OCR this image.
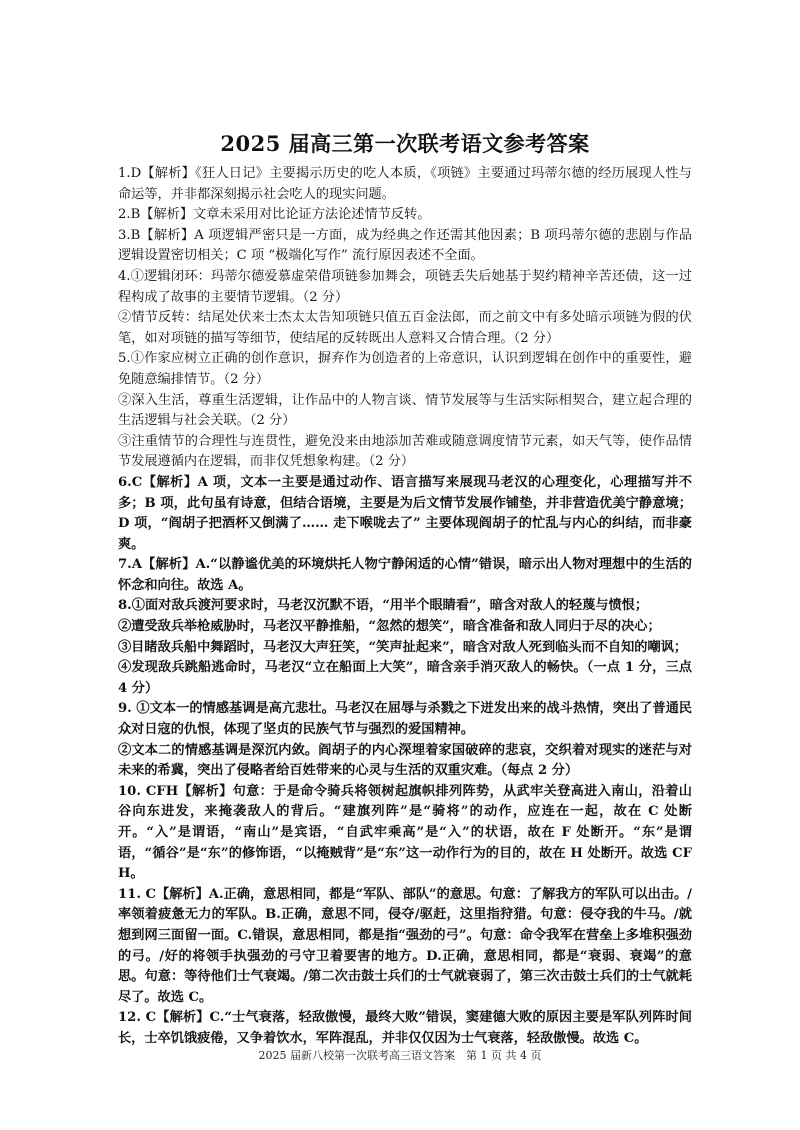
2025 届高三第一次联考语文参考答案

1.D【解析】《狂人日记》主要揭示历史的吃人本质，《项链》主要通过玛蒂尔德的经历展现人性与命运等，并非都深刻揭示社会吃人的现实问题。

2.B【解析】文章未采用对比论证方法论述情节反转。

3.B【解析】A 项逻辑严密只是一方面，成为经典之作还需其他因素；B 项玛蒂尔德的悲剧与作品逻辑设置密切相关；C 项 “极端化写作” 流行原因表述不全面。

4.①逻辑闭环：玛蒂尔德爱慕虚荣借项链参加舞会，项链丢失后她基于契约精神辛苦还债，这一过程构成了故事的主要情节逻辑。（2 分）

②情节反转：结尾处伏来士杰太太告知项链只值五百金法郎，而之前文中有多处暗示项链为假的伏笔，如对项链的描写等细节，使结尾的反转既出人意料又合情合理。（2 分）

5.①作家应树立正确的创作意识，摒弃作为创造者的上帝意识，认识到逻辑在创作中的重要性，避免随意编排情节。（2 分）

②深入生活，尊重生活逻辑，让作品中的人物言谈、情节发展等与生活实际相契合，建立起合理的生活逻辑与社会关联。（2 分）

③注重情节的合理性与连贯性，避免没来由地添加苦难或随意调度情节元素，如天气等，使作品情节发展遵循内在逻辑，而非仅凭想象构建。（2 分）

6.C【解析】A 项，文本一主要是通过动作、语言描写来展现马老汉的心理变化，心理描写并不多；B 项，此句虽有诗意，但结合语境，主要是为后文情节发展作铺垫，并非营造优美宁静意境；D 项，“阎胡子把酒杯又倒满了…… 走下喉咙去了” 主要体现阎胡子的忙乱与内心的纠结，而非豪爽。

7.A【解析】A.“以静谧优美的环境烘托人物宁静闲适的心情”错误，暗示出人物对理想中的生活的怀念和向往。故选 A。

8.①面对敌兵渡河要求时，马老汉沉默不语，“用半个眼睛看”，暗含对敌人的轻蔑与愤恨；

②遭受敌兵举枪威胁时，马老汉平静推船，“忽然的想笑”，暗含准备和敌人同归于尽的决心；

③目睹敌兵船中舞蹈时，马老汉大声狂笑，“笑声扯起来”，暗含对敌人死到临头而不自知的嘲讽；

④发现敌兵跳船逃命时，马老汉“立在船面上大笑”，暗含亲手消灭敌人的畅快。（一点 1 分，三点 4 分）

9. ①文本一的情感基调是高亢悲壮。马老汉在屈辱与杀戮之下迸发出来的战斗热情，突出了普通民众对日寇的仇恨，体现了坚贞的民族气节与强烈的爱国精神。

②文本二的情感基调是深沉内敛。阎胡子的内心深埋着家国破碎的悲哀，交织着对现实的迷茫与对未来的希冀，突出了侵略者给百姓带来的心灵与生活的双重灾难。（每点 2 分）

10. CFH【解析】句意：于是命令骑兵将领树起旗帜排列阵势，从武牢关登高进入南山，沿着山谷向东进发，来掩袭敌人的背后。“建旗列阵”是“骑将”的动作，应连在一起，故在 C 处断开。“入”是谓语，“南山”是宾语，“自武牢乘高”是“入”的状语，故在 F 处断开。“东”是谓语，“循谷”是“东”的修饰语，“以掩贼背”是“东”这一动作行为的目的，故在 H 处断开。故选 CFH。

11. C【解析】A.正确，意思相同，都是“军队、部队”的意思。句意：了解我方的军队可以出击。/率领着疲惫无力的军队。B.正确，意思不同，侵夺/驱赶，这里指狩猎。句意：侵夺我的牛马。/就想到网三面留一面。C.错误，意思相同，都是指“强劲的弓”。句意：命令我军在营垒上多堆积强劲的弓。/好的将领手执强劲的弓守卫着要害的地方。D.正确，意思相同，都是“衰弱、衰竭”的意思。句意：等待他们士气衰竭。/第二次击鼓士兵们的士气就衰弱了，第三次击鼓士兵们的士气就耗尽了。故选 C。

12. C【解析】C.“士气衰落，轻敌傲慢，最终大败”错误，窦建德大败的原因主要是军队列阵时间长，士卒饥饿疲倦，又争着饮水，军阵混乱，并非仅仅因为士气衰落，轻敌傲慢。故选 C。

2025 届新八校第一次联考高三语文答案　第 1 页 共 4 页
